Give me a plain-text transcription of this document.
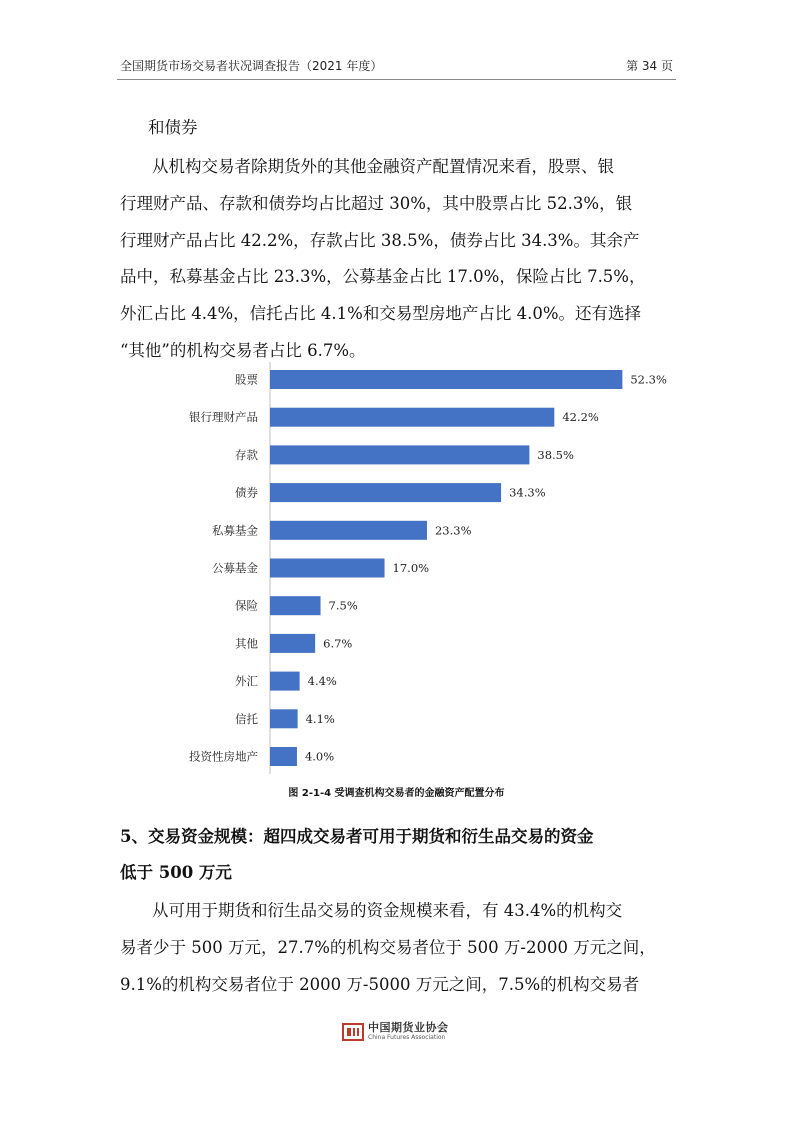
全国期货市场交易者状况调查报告（2021 年度）	第 34 页
和债券
从机构交易者除期货外的其他金融资产配置情况来看，股票、银
行理财产品、存款和债券均占比超过 30%，其中股票占比 52.3%，银
行理财产品占比 42.2%，存款占比 38.5%，债券占比 34.3%。其余产
品中，私募基金占比 23.3%，公募基金占比 17.0%，保险占比 7.5%，
外汇占比 4.4%，信托占比 4.1%和交易型房地产占比 4.0%。还有选择
“其他”的机构交易者占比 6.7%。
股票	52.3%
银行理财产品	42.2%
存款	38.5%
债券	34.3%
私募基金	23.3%
公募基金	17.0%
保险	7.5%
其他	6.7%
外汇	4.4%
信托	4.1%
投资性房地产	4.0%
图 2-1-4 受调查机构交易者的金融资产配置分布
5、交易资金规模：超四成交易者可用于期货和衍生品交易的资金
低于 500 万元
从可用于期货和衍生品交易的资金规模来看，有 43.4%的机构交
易者少于 500 万元，27.7%的机构交易者位于 500 万-2000 万元之间，
9.1%的机构交易者位于 2000 万-5000 万元之间，7.5%的机构交易者
中国期货业协会
China Futures Association
